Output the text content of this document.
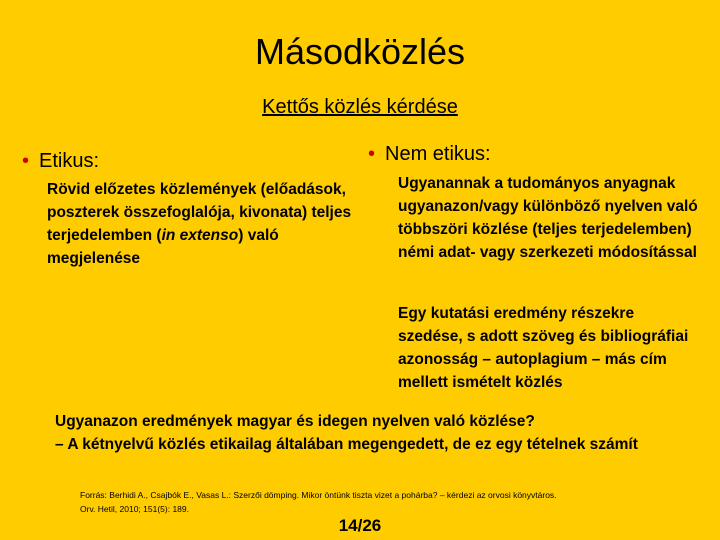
Másodközlés
Kettős közlés kérdése
• Etikus:
Rövid előzetes közlemények (előadások, poszterek összefoglalója, kivonata) teljes terjedelemben (in extenso) való megjelenése
• Nem etikus:
Ugyanannak a tudományos anyagnak ugyanazon/vagy különböző nyelven való többszöri közlése (teljes terjedelemben) némi adat- vagy szerkezeti módosítással
Egy kutatási eredmény részekre szedése, s adott szöveg és bibliográfiai azonosság – autoplagium – más cím mellett ismételt közlés
Ugyanazon eredmények magyar és idegen nyelven való közlése?
– A kétnyelvű közlés etikailag általában megengedett, de ez egy tételnek számít
Forrás: Berhidi A., Csajbók E., Vasas L.: Szerzői dömping. Mikor öntünk tiszta vizet a pohárba? – kérdezi az orvosi könyvtáros.
Orv. Hetil, 2010; 151(5): 189.
14/26
